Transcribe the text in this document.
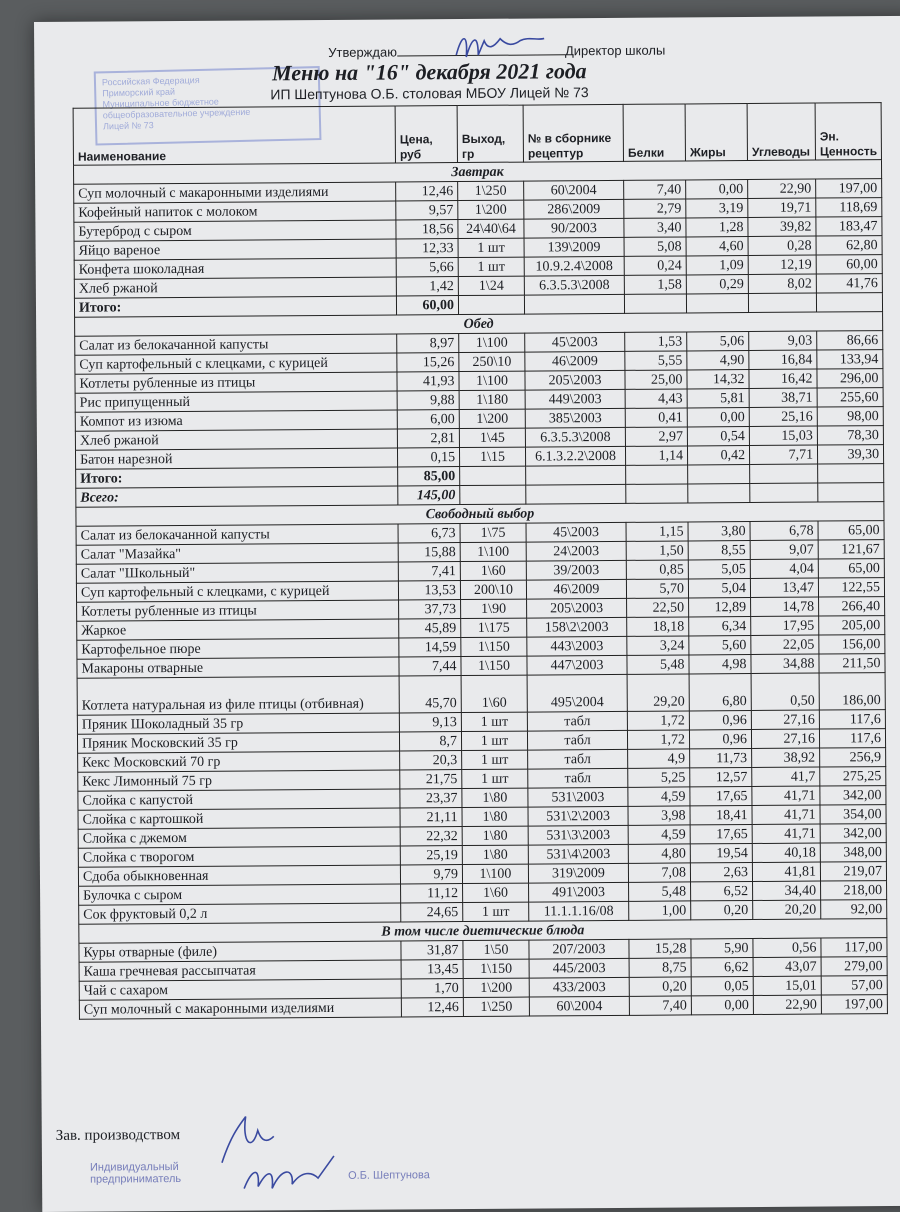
Утверждаю	Директор школы
Российская Федерация
Приморский край
Муниципальное бюджетное
общеобразовательное учреждение
Лицей № 73
Меню на "16" декабря 2021 года
ИП Шептунова О.Б. столовая МБОУ Лицей № 73
Наименование	Цена, руб	Выход, гр	№ в сборнике рецептур	Белки	Жиры	Углеводы	Эн. Ценность
Завтрак							
Суп молочный с макаронными изделиями	12,46	1\250	60\2004	7,40	0,00	22,90	197,00
Кофейный напиток с молоком	9,57	1\200	286\2009	2,79	3,19	19,71	118,69
Бутерброд с сыром	18,56	24\40\64	90/2003	3,40	1,28	39,82	183,47
Яйцо вареное	12,33	1 шт	139\2009	5,08	4,60	0,28	62,80
Конфета шоколадная	5,66	1 шт	10.9.2.4\2008	0,24	1,09	12,19	60,00
Хлеб ржаной	1,42	1\24	6.3.5.3\2008	1,58	0,29	8,02	41,76
Итого:	60,00						
Обед							
Салат из белокачанной капусты	8,97	1\100	45\2003	1,53	5,06	9,03	86,66
Суп картофельный с клецками, с курицей	15,26	250\10	46\2009	5,55	4,90	16,84	133,94
Котлеты рубленные из птицы	41,93	1\100	205\2003	25,00	14,32	16,42	296,00
Рис припущенный	9,88	1\180	449\2003	4,43	5,81	38,71	255,60
Компот из изюма	6,00	1\200	385\2003	0,41	0,00	25,16	98,00
Хлеб ржаной	2,81	1\45	6.3.5.3\2008	2,97	0,54	15,03	78,30
Батон нарезной	0,15	1\15	6.1.3.2.2\2008	1,14	0,42	7,71	39,30
Итого:	85,00						
Всего:	145,00						
Свободный выбор							
Салат из белокачанной капусты	6,73	1\75	45\2003	1,15	3,80	6,78	65,00
Салат "Мазайка"	15,88	1\100	24\2003	1,50	8,55	9,07	121,67
Салат "Школьный"	7,41	1\60	39/2003	0,85	5,05	4,04	65,00
Суп картофельный с клецками, с курицей	13,53	200\10	46\2009	5,70	5,04	13,47	122,55
Котлеты рубленные из птицы	37,73	1\90	205\2003	22,50	12,89	14,78	266,40
Жаркое	45,89	1\175	158\2\2003	18,18	6,34	17,95	205,00
Картофельное пюре	14,59	1\150	443\2003	3,24	5,60	22,05	156,00
Макароны отварные	7,44	1\150	447\2003	5,48	4,98	34,88	211,50
Котлета натуральная из филе птицы (отбивная)	45,70	1\60	495\2004	29,20	6,80	0,50	186,00
Пряник Шоколадный 35 гр	9,13	1 шт	табл	1,72	0,96	27,16	117,6
Пряник Московский 35 гр	8,7	1 шт	табл	1,72	0,96	27,16	117,6
Кекс Московский 70 гр	20,3	1 шт	табл	4,9	11,73	38,92	256,9
Кекс Лимонный 75 гр	21,75	1 шт	табл	5,25	12,57	41,7	275,25
Слойка с капустой	23,37	1\80	531\2003	4,59	17,65	41,71	342,00
Слойка с картошкой	21,11	1\80	531\2\2003	3,98	18,41	41,71	354,00
Слойка с джемом	22,32	1\80	531\3\2003	4,59	17,65	41,71	342,00
Слойка с творогом	25,19	1\80	531\4\2003	4,80	19,54	40,18	348,00
Сдоба обыкновенная	9,79	1\100	319\2009	7,08	2,63	41,81	219,07
Булочка с сыром	11,12	1\60	491\2003	5,48	6,52	34,40	218,00
Сок фруктовый 0,2 л	24,65	1 шт	11.1.1.16/08	1,00	0,20	20,20	92,00
В том числе диетические блюда							
Куры отварные (филе)	31,87	1\50	207/2003	15,28	5,90	0,56	117,00
Каша гречневая рассыпчатая	13,45	1\150	445/2003	8,75	6,62	43,07	279,00
Чай с сахаром	1,70	1\200	433/2003	0,20	0,05	15,01	57,00
Суп молочный с макаронными изделиями	12,46	1\250	60\2004	7,40	0,00	22,90	197,00
Зав. производством
Индивидуальный предприниматель	О.Б. Шептунова
